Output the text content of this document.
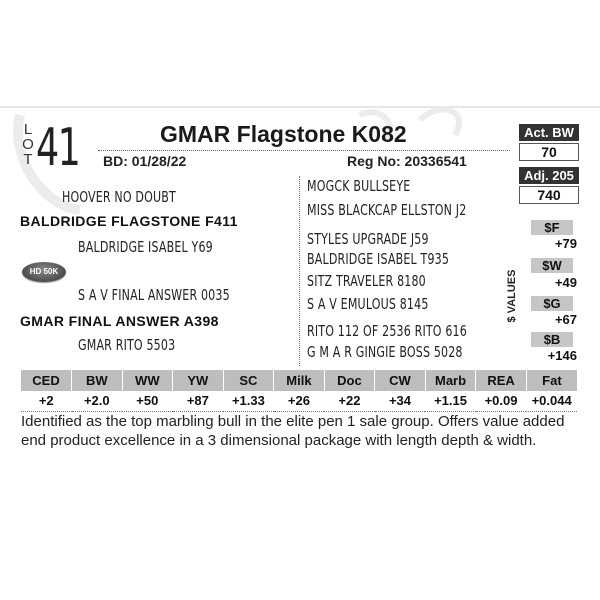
L
O
T 41	GMAR Flagstone K082
BD: 01/28/22	Reg No: 20336541
Act. BW
70
Adj. 205
740
HOOVER NO DOUBT
BALDRIDGE FLAGSTONE F411
BALDRIDGE ISABEL Y69
HD 50K
S A V FINAL ANSWER 0035
GMAR FINAL ANSWER A398
GMAR RITO 5503
MOGCK BULLSEYE
MISS BLACKCAP ELLSTON J2
STYLES UPGRADE J59
BALDRIDGE ISABEL T935
SITZ TRAVELER 8180
S A V EMULOUS 8145
RITO 112 OF 2536 RITO 616
G M A R GINGIE BOSS 5028
$ VALUES
$F
+79
$W
+49
$G
+67
$B
+146
CED	BW	WW	YW	SC	Milk	Doc	CW	Marb	REA	Fat
+2	+2.0	+50	+87	+1.33	+26	+22	+34	+1.15	+0.09	+0.044
Identified as the top marbling bull in the elite pen 1 sale group. Offers value added end product excellence in a 3 dimensional package with length depth & width.
